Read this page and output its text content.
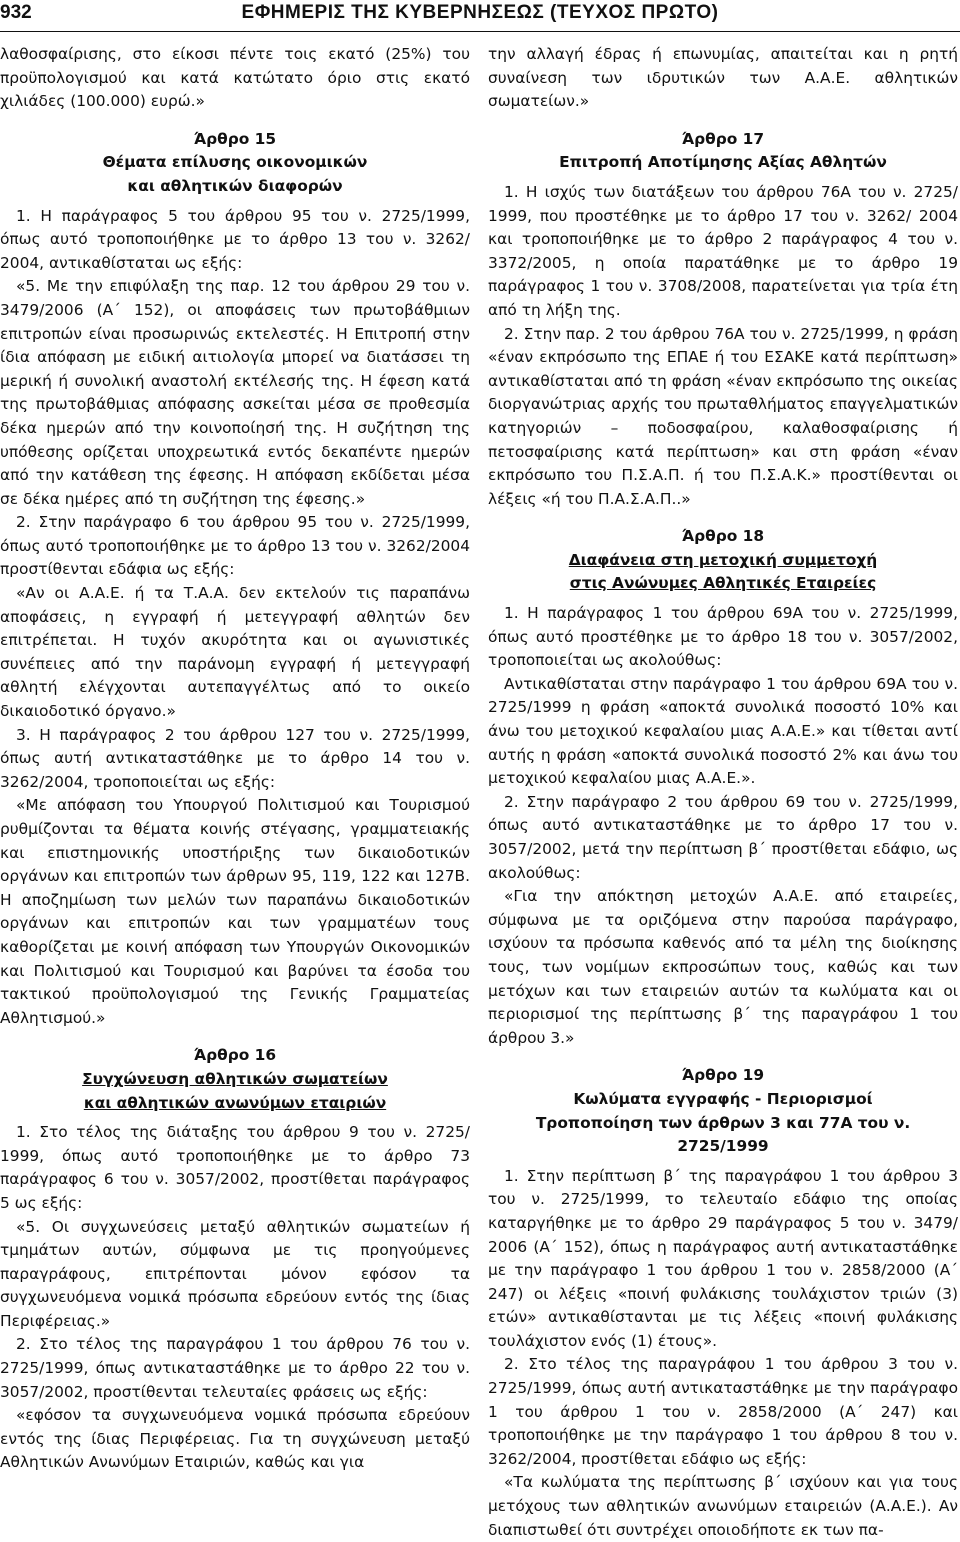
932	ΕΦΗΜΕΡΙΣ ΤΗΣ ΚΥΒΕΡΝΗΣΕΩΣ (ΤΕΥΧΟΣ ΠΡΩΤΟ)

λαθοσφαίρισης, στο είκοσι πέντε τοις εκατό (25%) του προϋπολογισμού και κατά κατώτατο όριο στις εκατό χιλιάδες (100.000) ευρώ.»

Άρθρο 15
Θέματα επίλυσης οικονομικών
και αθλητικών διαφορών

1. Η παράγραφος 5 του άρθρου 95 του ν. 2725/1999, όπως αυτό τροποποιήθηκε με το άρθρο 13 του ν. 3262/ 2004, αντικαθίσταται ως εξής:

«5. Με την επιφύλαξη της παρ. 12 του άρθρου 29 του ν. 3479/2006 (Α΄ 152), οι αποφάσεις των πρωτοβάθμιων επιτροπών είναι προσωρινώς εκτελεστές. Η Επιτροπή στην ίδια απόφαση με ειδική αιτιολογία μπορεί να διατάσσει τη μερική ή συνολική αναστολή εκτέλεσής της. Η έφεση κατά της πρωτοβάθμιας απόφασης ασκείται μέσα σε προθεσμία δέκα ημερών από την κοινοποίησή της. Η συζήτηση της υπόθεσης ορίζεται υποχρεωτικά εντός δεκαπέντε ημερών από την κατάθεση της έφεσης. Η απόφαση εκδίδεται μέσα σε δέκα ημέρες από τη συζήτηση της έφεσης.»

2. Στην παράγραφο 6 του άρθρου 95 του ν. 2725/1999, όπως αυτό τροποποιήθηκε με το άρθρο 13 του ν. 3262/2004 προστίθενται εδάφια ως εξής:

«Αν οι Α.Α.Ε. ή τα Τ.Α.Α. δεν εκτελούν τις παραπάνω αποφάσεις, η εγγραφή ή μετεγγραφή αθλητών δεν επιτρέπεται. Η τυχόν ακυρότητα και οι αγωνιστικές συνέπειες από την παράνομη εγγραφή ή μετεγγραφή αθλητή ελέγχονται αυτεπαγγέλτως από το οικείο δικαιοδοτικό όργανο.»

3. Η παράγραφος 2 του άρθρου 127 του ν. 2725/1999, όπως αυτή αντικαταστάθηκε με το άρθρο 14 του ν. 3262/2004, τροποποιείται ως εξής:

«Με απόφαση του Υπουργού Πολιτισμού και Τουρισμού ρυθμίζονται τα θέματα κοινής στέγασης, γραμματειακής και επιστημονικής υποστήριξης των δικαιοδοτικών οργάνων και επιτροπών των άρθρων 95, 119, 122 και 127Β. Η αποζημίωση των μελών των παραπάνω δικαιοδοτικών οργάνων και επιτροπών και των γραμματέων τους καθορίζεται με κοινή απόφαση των Υπουργών Οικονομικών και Πολιτισμού και Τουρισμού και βαρύνει τα έσοδα του τακτικού προϋπολογισμού της Γενικής Γραμματείας Αθλητισμού.»

Άρθρο 16
Συγχώνευση αθλητικών σωματείων
και αθλητικών ανωνύμων εταιριών

1. Στο τέλος της διάταξης του άρθρου 9 του ν. 2725/ 1999, όπως αυτό τροποποιήθηκε με το άρθρο 73 παράγραφος 6 του ν. 3057/2002, προστίθεται παράγραφος 5 ως εξής:

«5. Οι συγχωνεύσεις μεταξύ αθλητικών σωματείων ή τμημάτων αυτών, σύμφωνα με τις προηγούμενες παραγράφους, επιτρέπονται μόνον εφόσον τα συγχωνευόμενα νομικά πρόσωπα εδρεύουν εντός της ίδιας Περιφέρειας.»

2. Στο τέλος της παραγράφου 1 του άρθρου 76 του ν. 2725/1999, όπως αντικαταστάθηκε με το άρθρο 22 του ν. 3057/2002, προστίθενται τελευταίες φράσεις ως εξής:

«εφόσον τα συγχωνευόμενα νομικά πρόσωπα εδρεύουν εντός της ίδιας Περιφέρειας. Για τη συγχώνευση μεταξύ Αθλητικών Ανωνύμων Εταιριών, καθώς και για

την αλλαγή έδρας ή επωνυμίας, απαιτείται και η ρητή συναίνεση των ιδρυτικών των Α.Α.Ε. αθλητικών σωματείων.»

Άρθρο 17
Επιτροπή Αποτίμησης Αξίας Αθλητών

1. Η ισχύς των διατάξεων του άρθρου 76Α του ν. 2725/ 1999, που προστέθηκε με το άρθρο 17 του ν. 3262/ 2004 και τροποποιήθηκε με το άρθρο 2 παράγραφος 4 του ν. 3372/2005, η οποία παρατάθηκε με το άρθρο 19 παράγραφος 1 του ν. 3708/2008, παρατείνεται για τρία έτη από τη λήξη της.

2. Στην παρ. 2 του άρθρου 76Α του ν. 2725/1999, η φράση «έναν εκπρόσωπο της ΕΠΑΕ ή του ΕΣΑΚΕ κατά περίπτωση» αντικαθίσταται από τη φράση «έναν εκπρόσωπο της οικείας διοργανώτριας αρχής του πρωταθλήματος επαγγελματικών κατηγοριών – ποδοσφαίρου, καλαθοσφαίρισης ή πετοσφαίρισης κατά περίπτωση» και στη φράση «έναν εκπρόσωπο του Π.Σ.Α.Π. ή του Π.Σ.Α.Κ.» προστίθενται οι λέξεις «ή του Π.Α.Σ.Α.Π..»

Άρθρο 18
Διαφάνεια στη μετοχική συμμετοχή
στις Ανώνυμες Αθλητικές Εταιρείες

1. Η παράγραφος 1 του άρθρου 69Α του ν. 2725/1999, όπως αυτό προστέθηκε με το άρθρο 18 του ν. 3057/2002, τροποποιείται ως ακολούθως:

Αντικαθίσταται στην παράγραφο 1 του άρθρου 69Α του ν. 2725/1999 η φράση «αποκτά συνολικά ποσοστό 10% και άνω του μετοχικού κεφαλαίου μιας Α.Α.Ε.» και τίθεται αντί αυτής η φράση «αποκτά συνολικά ποσοστό 2% και άνω του μετοχικού κεφαλαίου μιας Α.Α.Ε.».

2. Στην παράγραφο 2 του άρθρου 69 του ν. 2725/1999, όπως αυτό αντικαταστάθηκε με το άρθρο 17 του ν. 3057/2002, μετά την περίπτωση β΄ προστίθεται εδάφιο, ως ακολούθως:

«Για την απόκτηση μετοχών Α.Α.Ε. από εταιρείες, σύμφωνα με τα οριζόμενα στην παρούσα παράγραφο, ισχύουν τα πρόσωπα καθενός από τα μέλη της διοίκησης τους, των νομίμων εκπροσώπων τους, καθώς και των μετόχων και των εταιρειών αυτών τα κωλύματα και οι περιορισμοί της περίπτωσης β΄ της παραγράφου 1 του άρθρου 3.»

Άρθρο 19
Κωλύματα εγγραφής - Περιορισμοί
Τροποποίηση των άρθρων 3 και 77Α του ν. 2725/1999

1. Στην περίπτωση β΄ της παραγράφου 1 του άρθρου 3 του ν. 2725/1999, το τελευταίο εδάφιο της οποίας καταργήθηκε με το άρθρο 29 παράγραφος 5 του ν. 3479/ 2006 (Α΄ 152), όπως η παράγραφος αυτή αντικαταστάθηκε με την παράγραφο 1 του άρθρου 1 του ν. 2858/2000 (Α΄ 247) οι λέξεις «ποινή φυλάκισης τουλάχιστον τριών (3) ετών» αντικαθίστανται με τις λέξεις «ποινή φυλάκισης τουλάχιστον ενός (1) έτους».

2. Στο τέλος της παραγράφου 1 του άρθρου 3 του ν. 2725/1999, όπως αυτή αντικαταστάθηκε με την παράγραφο 1 του άρθρου 1 του ν. 2858/2000 (Α΄ 247) και τροποποιήθηκε με την παράγραφο 1 του άρθρου 8 του ν. 3262/2004, προστίθεται εδάφιο ως εξής:

«Τα κωλύματα της περίπτωσης β΄ ισχύουν και για τους μετόχους των αθλητικών ανωνύμων εταιρειών (Α.Α.Ε.). Αν διαπιστωθεί ότι συντρέχει οποιοδήποτε εκ των πα-
